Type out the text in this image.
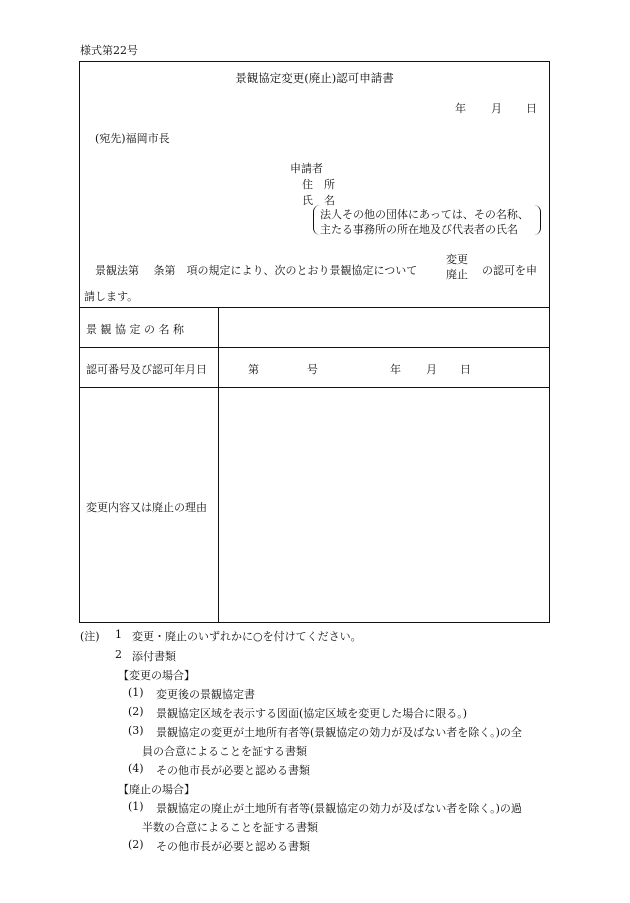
様式第22号
景観協定変更(廃止)認可申請書
年 月 日
(宛先)福岡市長
申請者
住　所
氏　名
法人その他の団体にあっては、その名称、
主たる事務所の所在地及び代表者の氏名
景観法第　 条第　項の規定により、次のとおり景観協定について
変更
廃止 の認可を申
請します。
景 観 協 定 の 名 称
認可番号及び認可年月日	第	号	年 月 日
変更内容又は廃止の理由
(注) 1 変更・廃止のいずれかに○を付けてください。
2 添付書類
【変更の場合】
(1) 変更後の景観協定書
(2) 景観協定区域を表示する図面(協定区域を変更した場合に限る。)
(3) 景観協定の変更が土地所有者等(景観協定の効力が及ばない者を除く。)の全
員の合意によることを証する書類
(4) その他市長が必要と認める書類
【廃止の場合】
(1) 景観協定の廃止が土地所有者等(景観協定の効力が及ばない者を除く。)の過
半数の合意によることを証する書類
(2) その他市長が必要と認める書類
